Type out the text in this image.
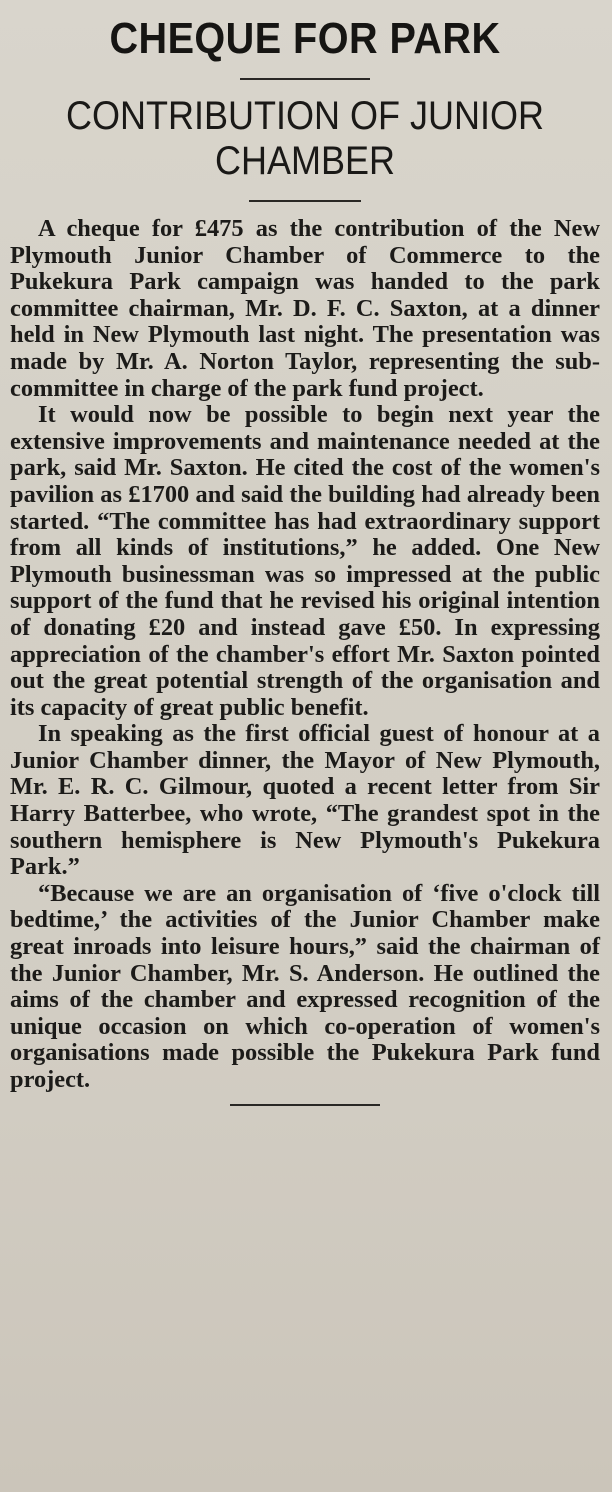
CHEQUE FOR PARK
CONTRIBUTION OF JUNIOR
CHAMBER

A cheque for £475 as the contribution of the New Plymouth Junior Chamber of Commerce to the Pukekura Park campaign was handed to the park committee chairman, Mr. D. F. C. Saxton, at a dinner held in New Plymouth last night. The presentation was made by Mr. A. Norton Taylor, representing the subcommittee in charge of the park fund project.

It would now be possible to begin next year the extensive improvements and maintenance needed at the park, said Mr. Saxton. He cited the cost of the women's pavilion as £1700 and said the building had already been started. “The committee has had extraordinary support from all kinds of institutions,” he added. One New Plymouth businessman was so impressed at the public support of the fund that he revised his original intention of donating £20 and instead gave £50. In expressing appreciation of the chamber's effort Mr. Saxton pointed out the great potential strength of the organisation and its capacity of great public benefit.

In speaking as the first official guest of honour at a Junior Chamber dinner, the Mayor of New Plymouth, Mr. E. R. C. Gilmour, quoted a recent letter from Sir Harry Batterbee, who wrote, “The grandest spot in the southern hemisphere is New Plymouth's Pukekura Park.”

“Because we are an organisation of ‘five o'clock till bedtime,’ the activities of the Junior Chamber make great inroads into leisure hours,” said the chairman of the Junior Chamber, Mr. S. Anderson. He outlined the aims of the chamber and expressed recognition of the unique occasion on which co-operation of women's organisations made possible the Pukekura Park fund project.
